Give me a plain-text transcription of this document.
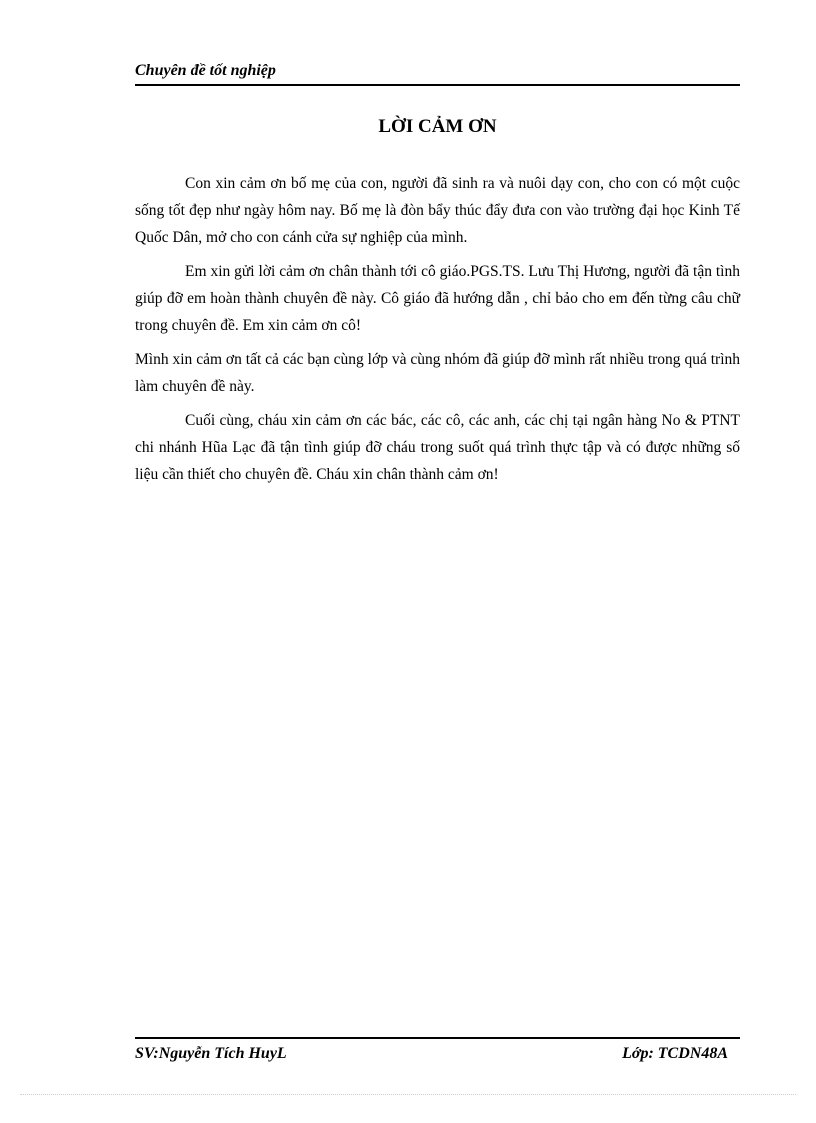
Chuyên đề tốt nghiệp
LỜI CẢM ƠN

Con xin cảm ơn bố mẹ của con, người đã sinh ra và nuôi dạy con, cho con có một cuộc sống tốt đẹp như ngày hôm nay. Bố mẹ là đòn bẩy thúc đẩy đưa con vào trường đại học Kinh Tế Quốc Dân, mở cho con cánh cửa sự nghiệp của mình.

Em xin gửi lời cảm ơn chân thành tới cô giáo.PGS.TS. Lưu Thị Hương, người đã tận tình giúp đỡ em hoàn thành chuyên đề này. Cô giáo đã hướng dẫn , chỉ bảo cho em đến từng câu chữ trong chuyên đề. Em xin cảm ơn cô!

Mình xin cảm ơn tất cả các bạn cùng lớp và cùng nhóm đã giúp đỡ mình rất nhiều trong quá trình làm chuyên đề này.

Cuối cùng, cháu xin cảm ơn các bác, các cô, các anh, các chị tại ngân hàng No & PTNT chi nhánh Hũa Lạc đã tận tình giúp đỡ cháu trong suốt quá trình thực tập và có được những số liệu cần thiết cho chuyên đề. Cháu xin chân thành cảm ơn!

SV:Nguyễn Tích HuyL	Lớp: TCDN48A
